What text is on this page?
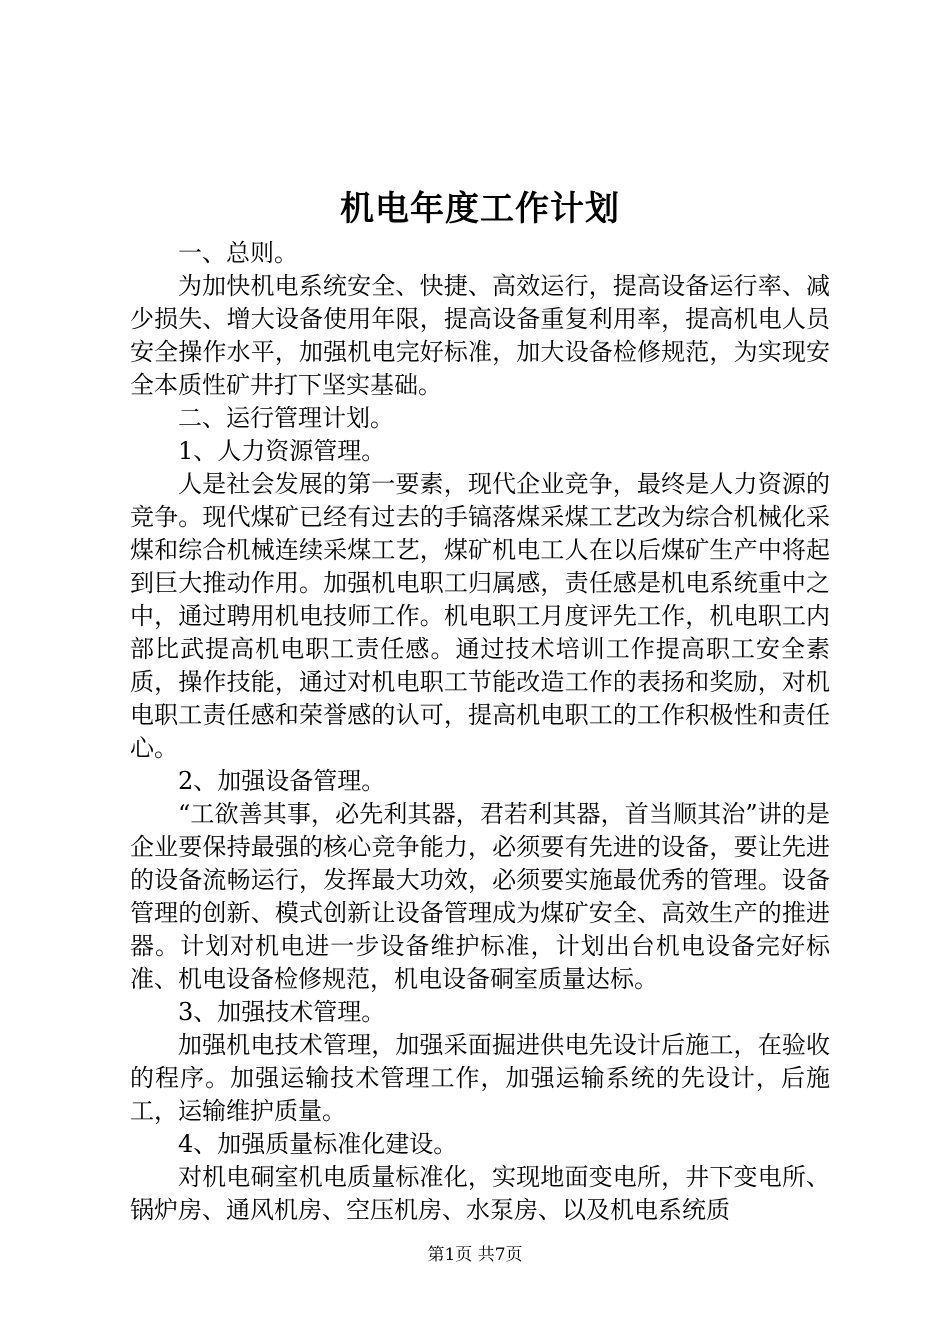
机电年度工作计划

一、总则。

为加快机电系统安全、快捷、高效运行，提高设备运行率、减少损失、增大设备使用年限，提高设备重复利用率，提高机电人员安全操作水平，加强机电完好标准，加大设备检修规范，为实现安全本质性矿井打下坚实基础。

二、运行管理计划。

1、人力资源管理。

人是社会发展的第一要素，现代企业竞争，最终是人力资源的竞争。现代煤矿已经有过去的手镐落煤采煤工艺改为综合机械化采煤和综合机械连续采煤工艺，煤矿机电工人在以后煤矿生产中将起到巨大推动作用。加强机电职工归属感，责任感是机电系统重中之中，通过聘用机电技师工作。机电职工月度评先工作，机电职工内部比武提高机电职工责任感。通过技术培训工作提高职工安全素质，操作技能，通过对机电职工节能改造工作的表扬和奖励，对机电职工责任感和荣誉感的认可，提高机电职工的工作积极性和责任心。

2、加强设备管理。

“工欲善其事，必先利其器，君若利其器，首当顺其治”讲的是企业要保持最强的核心竞争能力，必须要有先进的设备，要让先进的设备流畅运行，发挥最大功效，必须要实施最优秀的管理。设备管理的创新、模式创新让设备管理成为煤矿安全、高效生产的推进器。计划对机电进一步设备维护标准，计划出台机电设备完好标准、机电设备检修规范，机电设备硐室质量达标。

3、加强技术管理。

加强机电技术管理，加强采面掘进供电先设计后施工，在验收的程序。加强运输技术管理工作，加强运输系统的先设计，后施工，运输维护质量。

4、加强质量标准化建设。

对机电硐室机电质量标准化，实现地面变电所，井下变电所、锅炉房、通风机房、空压机房、水泵房、以及机电系统质

第1页 共7页
